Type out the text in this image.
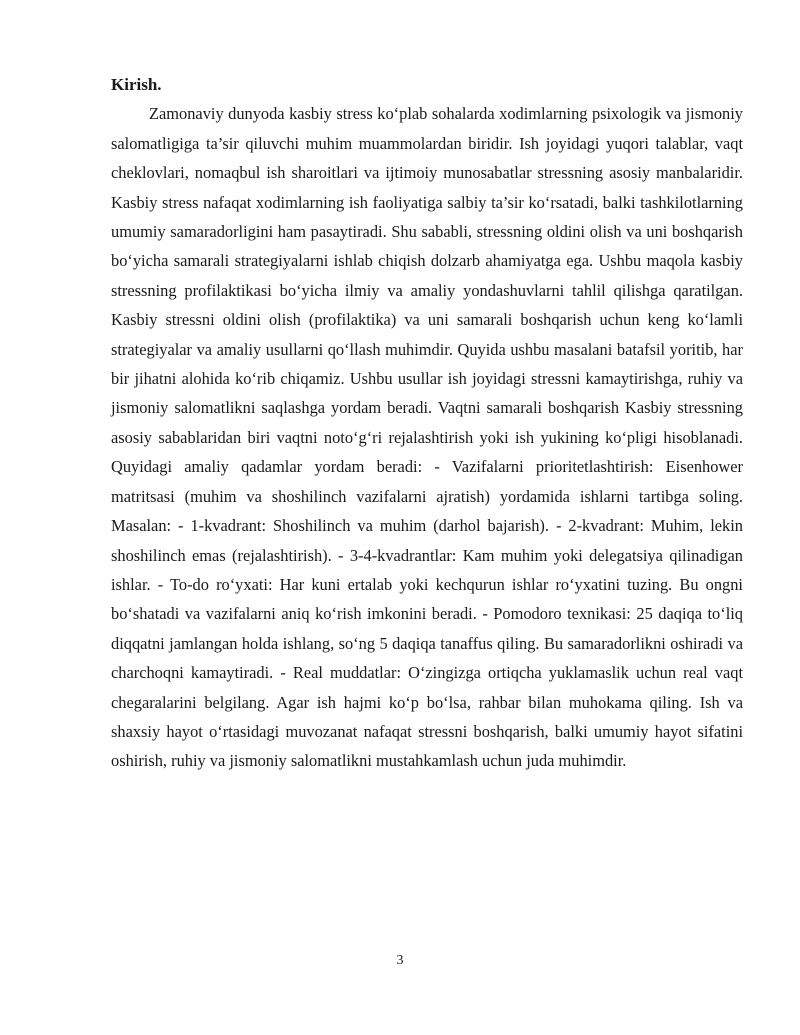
Kirish.

Zamonaviy dunyoda kasbiy stress ko‘plab sohalarda xodimlarning psixologik va jismoniy salomatligiga ta’sir qiluvchi muhim muammolardan biridir. Ish joyidagi yuqori talablar, vaqt cheklovlari, nomaqbul ish sharoitlari va ijtimoiy munosabatlar stressning asosiy manbalaridir. Kasbiy stress nafaqat xodimlarning ish faoliyatiga salbiy ta’sir ko‘rsatadi, balki tashkilotlarning umumiy samaradorligini ham pasaytiradi. Shu sababli, stressning oldini olish va uni boshqarish bo‘yicha samarali strategiyalarni ishlab chiqish dolzarb ahamiyatga ega. Ushbu maqola kasbiy stressning profilaktikasi bo‘yicha ilmiy va amaliy yondashuvlarni tahlil qilishga qaratilgan. Kasbiy stressni oldini olish (profilaktika) va uni samarali boshqarish uchun keng ko‘lamli strategiyalar va amaliy usullarni qo‘llash muhimdir. Quyida ushbu masalani batafsil yoritib, har bir jihatni alohida ko‘rib chiqamiz. Ushbu usullar ish joyidagi stressni kamaytirishga, ruhiy va jismoniy salomatlikni saqlashga yordam beradi. Vaqtni samarali boshqarish Kasbiy stressning asosiy sabablaridan biri vaqtni noto‘g‘ri rejalashtirish yoki ish yukining ko‘pligi hisoblanadi. Quyidagi amaliy qadamlar yordam beradi: - Vazifalarni prioritetlashtirish: Eisenhower matritsasi (muhim va shoshilinch vazifalarni ajratish) yordamida ishlarni tartibga soling. Masalan: - 1-kvadrant: Shoshilinch va muhim (darhol bajarish). - 2-kvadrant: Muhim, lekin shoshilinch emas (rejalashtirish). - 3-4-kvadrantlar: Kam muhim yoki delegatsiya qilinadigan ishlar. - To-do ro‘yxati: Har kuni ertalab yoki kechqurun ishlar ro‘yxatini tuzing. Bu ongni bo‘shatadi va vazifalarni aniq ko‘rish imkonini beradi. - Pomodoro texnikasi: 25 daqiqa to‘liq diqqatni jamlangan holda ishlang, so‘ng 5 daqiqa tanaffus qiling. Bu samaradorlikni oshiradi va charchoqni kamaytiradi. - Real muddatlar: O‘zingizga ortiqcha yuklamaslik uchun real vaqt chegaralarini belgilang. Agar ish hajmi ko‘p bo‘lsa, rahbar bilan muhokama qiling. Ish va shaxsiy hayot o‘rtasidagi muvozanat nafaqat stressni boshqarish, balki umumiy hayot sifatini oshirish, ruhiy va jismoniy salomatlikni mustahkamlash uchun juda muhimdir.

3
